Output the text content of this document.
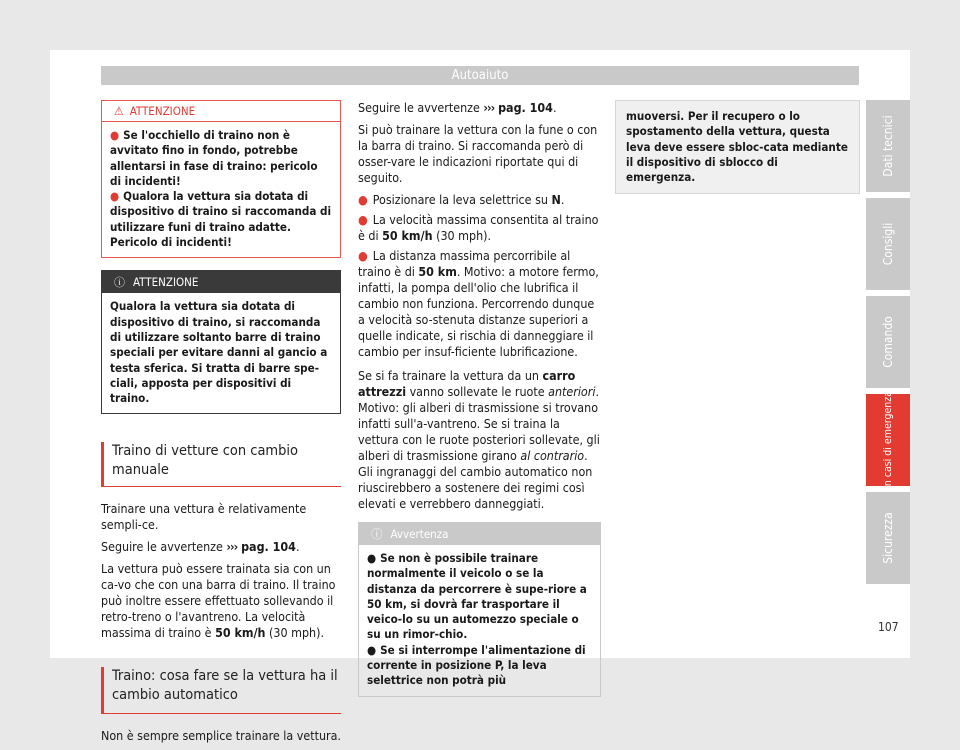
Autoaiuto
⚠ ATTENZIONE

● Se l'occhiello di traino non è avvitato fino in fondo, potrebbe allentarsi in fase di traino: pericolo di incidenti!

● Qualora la vettura sia dotata di dispositivo di traino si raccomanda di utilizzare funi di traino adatte. Pericolo di incidenti!

ⓘ ATTENZIONE

Qualora la vettura sia dotata di dispositivo di traino, si raccomanda di utilizzare soltanto barre di traino speciali per evitare danni al gancio a testa sferica. Si tratta di barre spe-ciali, apposta per dispositivi di traino.

Traino di vetture con cambio manuale

Trainare una vettura è relativamente sempli-ce.

Seguire le avvertenze ››› pag. 104.

La vettura può essere trainata sia con un ca-vo che con una barra di traino. Il traino può inoltre essere effettuato sollevando il retro-treno o l'avantreno. La velocità massima di traino è 50 km/h (30 mph).

Traino: cosa fare se la vettura ha il cambio automatico

Non è sempre semplice trainare la vettura.

Seguire le avvertenze ››› pag. 104.

Si può trainare la vettura con la fune o con la barra di traino. Si raccomanda però di osser-vare le indicazioni riportate qui di seguito.

● Posizionare la leva selettrice su N.

● La velocità massima consentita al traino è di 50 km/h (30 mph).

● La distanza massima percorribile al traino è di 50 km. Motivo: a motore fermo, infatti, la pompa dell'olio che lubrifica il cambio non funziona. Percorrendo dunque a velocità so-stenuta distanze superiori a quelle indicate, si rischia di danneggiare il cambio per insuf-ficiente lubrificazione.

Se si fa trainare la vettura da un carro attrezzi vanno sollevate le ruote anteriori. Motivo: gli alberi di trasmissione si trovano infatti sull'a-vantreno. Se si traina la vettura con le ruote posteriori sollevate, gli alberi di trasmissione girano al contrario. Gli ingranaggi del cambio automatico non riuscirebbero a sostenere dei regimi così elevati e verrebbero danneggiati.

ⓘ Avvertenza

● Se non è possibile trainare normalmente il veicolo o se la distanza da percorrere è supe-riore a 50 km, si dovrà far trasportare il veico-lo su un automezzo speciale o su un rimor-chio.

● Se si interrompe l'alimentazione di corrente in posizione P, la leva selettrice non potrà più

muoversi. Per il recupero o lo spostamento della vettura, questa leva deve essere sbloc-cata mediante il dispositivo di sblocco di emergenza.
Dati tecnici
Consigli
Comando
In casi di emergenza
Sicurezza
107
